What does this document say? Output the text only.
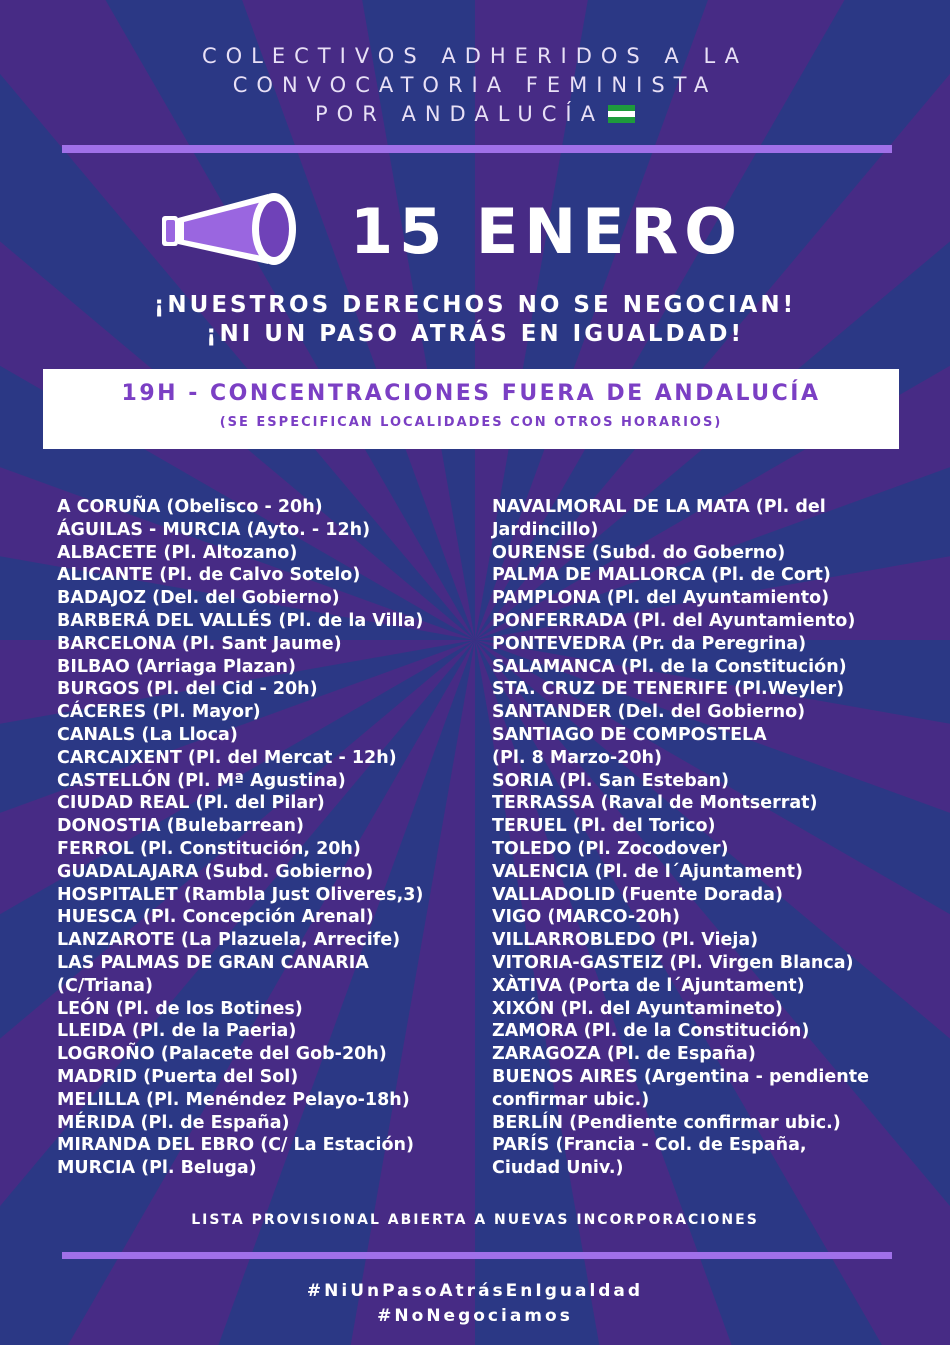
COLECTIVOS ADHERIDOS A LA
CONVOCATORIA FEMINISTA
POR ANDALUCÍA
15 ENERO
¡NUESTROS DERECHOS NO SE NEGOCIAN!
¡NI UN PASO ATRÁS EN IGUALDAD!
19H - CONCENTRACIONES FUERA DE ANDALUCÍA
(SE ESPECIFICAN LOCALIDADES CON OTROS HORARIOS)
A CORUÑA (Obelisco - 20h)
ÁGUILAS - MURCIA (Ayto. - 12h)
ALBACETE (Pl. Altozano)
ALICANTE (Pl. de Calvo Sotelo)
BADAJOZ (Del. del Gobierno)
BARBERÁ DEL VALLÉS (Pl. de la Villa)
BARCELONA (Pl. Sant Jaume)
BILBAO (Arriaga Plazan)
BURGOS (Pl. del Cid - 20h)
CÁCERES (Pl. Mayor)
CANALS (La Lloca)
CARCAIXENT (Pl. del Mercat - 12h)
CASTELLÓN (Pl. Mª Agustina)
CIUDAD REAL (Pl. del Pilar)
DONOSTIA (Bulebarrean)
FERROL (Pl. Constitución, 20h)
GUADALAJARA (Subd. Gobierno)
HOSPITALET (Rambla Just Oliveres,3)
HUESCA (Pl. Concepción Arenal)
LANZAROTE (La Plazuela, Arrecife)
LAS PALMAS DE GRAN CANARIA
(C/Triana)
LEÓN (Pl. de los Botines)
LLEIDA (Pl. de la Paeria)
LOGROÑO (Palacete del Gob-20h)
MADRID (Puerta del Sol)
MELILLA (Pl. Menéndez Pelayo-18h)
MÉRIDA (Pl. de España)
MIRANDA DEL EBRO (C/ La Estación)
MURCIA (Pl. Beluga)
NAVALMORAL DE LA MATA (Pl. del
Jardincillo)
OURENSE (Subd. do Goberno)
PALMA DE MALLORCA (Pl. de Cort)
PAMPLONA (Pl. del Ayuntamiento)
PONFERRADA (Pl. del Ayuntamiento)
PONTEVEDRA (Pr. da Peregrina)
SALAMANCA (Pl. de la Constitución)
STA. CRUZ DE TENERIFE (Pl.Weyler)
SANTANDER (Del. del Gobierno)
SANTIAGO DE COMPOSTELA
(Pl. 8 Marzo-20h)
SORIA (Pl. San Esteban)
TERRASSA (Raval de Montserrat)
TERUEL (Pl. del Torico)
TOLEDO (Pl. Zocodover)
VALENCIA (Pl. de l´Ajuntament)
VALLADOLID (Fuente Dorada)
VIGO (MARCO-20h)
VILLARROBLEDO (Pl. Vieja)
VITORIA-GASTEIZ (Pl. Virgen Blanca)
XÀTIVA (Porta de l´Ajuntament)
XIXÓN (Pl. del Ayuntamineto)
ZAMORA (Pl. de la Constitución)
ZARAGOZA (Pl. de España)
BUENOS AIRES (Argentina - pendiente
confirmar ubic.)
BERLÍN (Pendiente confirmar ubic.)
PARÍS (Francia - Col. de España,
Ciudad Univ.)
LISTA PROVISIONAL ABIERTA A NUEVAS INCORPORACIONES
#NiUnPasoAtrásEnIgualdad
#NoNegociamos
